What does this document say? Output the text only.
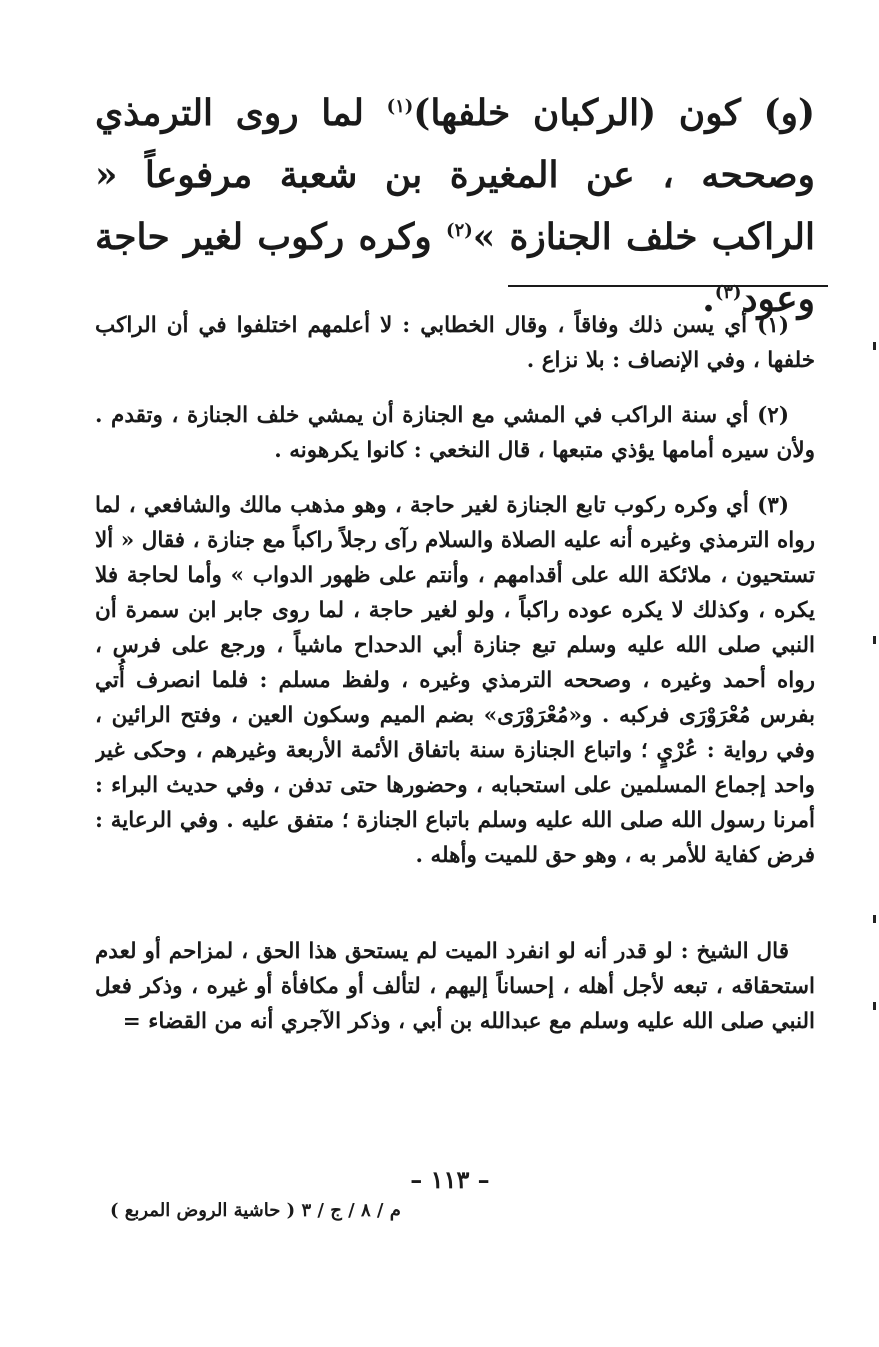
(و) كون (الركبان خلفها)$^{(١)}$ لما روى الترمذي وصححه ، عن المغيرة بن شعبة مرفوعاً « الراكب خلف الجنازة »$^{(٢)}$ وكره ركوب لغير حاجة وعود$^{(٣)}$.

(١) أي يسن ذلك وفاقاً ، وقال الخطابي : لا أعلمهم اختلفوا في أن الراكب خلفها ، وفي الإنصاف : بلا نزاع .

(٢) أي سنة الراكب في المشي مع الجنازة أن يمشي خلف الجنازة ، وتقدم . ولأن سيره أمامها يؤذي متبعها ، قال النخعي : كانوا يكرهونه .

(٣) أي وكره ركوب تابع الجنازة لغير حاجة ، وهو مذهب مالك والشافعي ، لما رواه الترمذي وغيره أنه عليه الصلاة والسلام رآى رجلاً راكباً مع جنازة ، فقال « ألا تستحيون ، ملائكة الله على أقدامهم ، وأنتم على ظهور الدواب » وأما لحاجة فلا يكره ، وكذلك لا يكره عوده راكباً ، ولو لغير حاجة ، لما روى جابر ابن سمرة أن النبي صلى الله عليه وسلم تبع جنازة أبي الدحداح ماشياً ، ورجع على فرس ، رواه أحمد وغيره ، وصححه الترمذي وغيره ، ولفظ مسلم : فلما انصرف أُتي بفرس مُعْرَوْرَى فركبه . و«مُعْرَوْرَى» بضم الميم وسكون العين ، وفتح الرائين ، وفي رواية : عُرْيٍ ؛ واتباع الجنازة سنة باتفاق الأئمة الأربعة وغيرهم ، وحكى غير واحد إجماع المسلمين على استحبابه ، وحضورها حتى تدفن ، وفي حديث البراء : أمرنا رسول الله صلى الله عليه وسلم باتباع الجنازة ؛ متفق عليه . وفي الرعاية : فرض كفاية للأمر به ، وهو حق للميت وأهله .

قال الشيخ : لو قدر أنه لو انفرد الميت لم يستحق هذا الحق ، لمزاحم أو لعدم استحقاقه ، تبعه لأجل أهله ، إحساناً إليهم ، لتألف أو مكافأة أو غيره ، وذكر فعل النبي صلى الله عليه وسلم مع عبدالله بن أبي ، وذكر الآجري أنه من القضاء =

– ١١٣ –
م / ٨ / ج / ٣ ( حاشية الروض المربع )
